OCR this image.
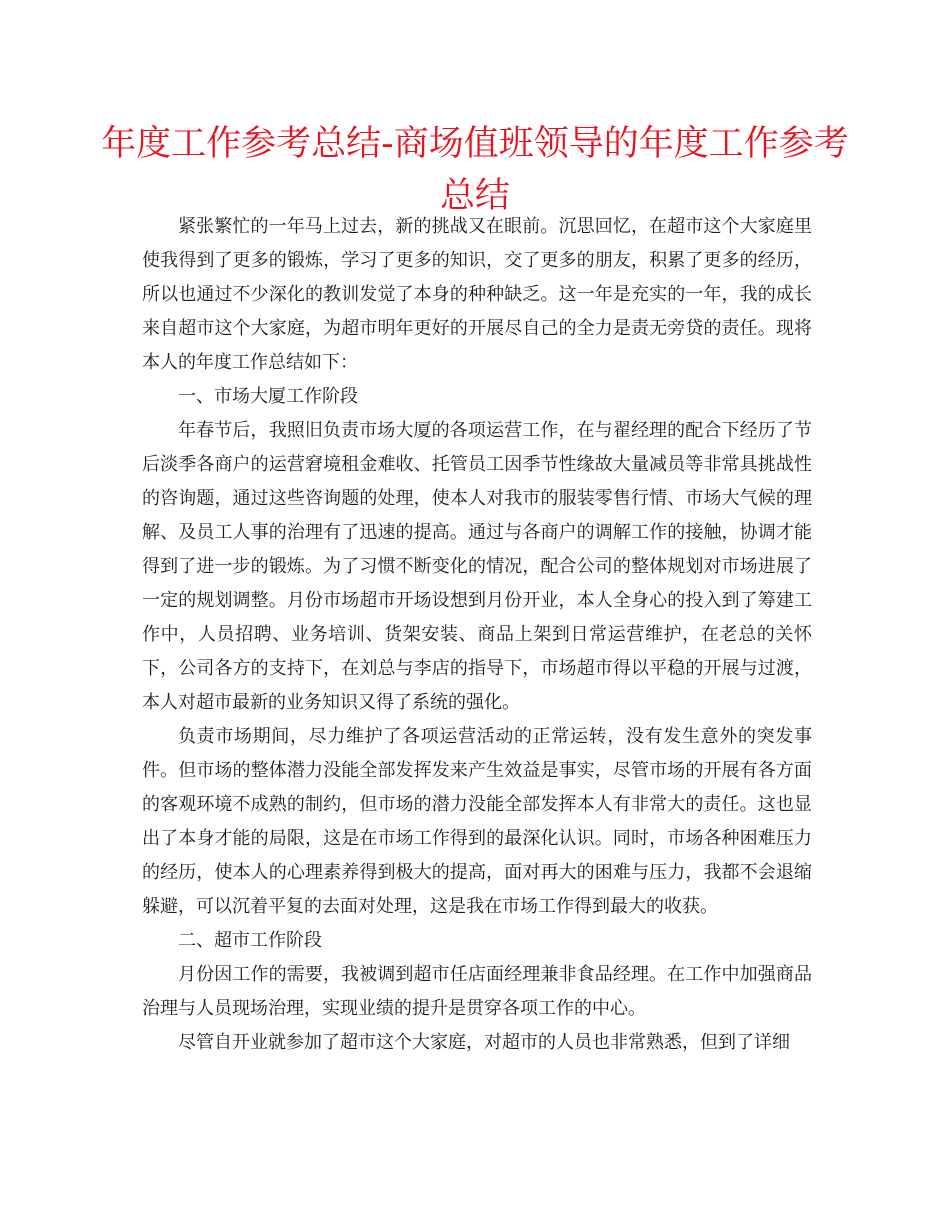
年度工作参考总结-商场值班领导的年度工作参考
总结

紧张繁忙的一年马上过去，新的挑战又在眼前。沉思回忆，在超市这个大家庭里使我得到了更多的锻炼，学习了更多的知识，交了更多的朋友，积累了更多的经历，所以也通过不少深化的教训发觉了本身的种种缺乏。这一年是充实的一年，我的成长来自超市这个大家庭，为超市明年更好的开展尽自己的全力是责无旁贷的责任。现将本人的年度工作总结如下：

一、市场大厦工作阶段

年春节后，我照旧负责市场大厦的各项运营工作，在与翟经理的配合下经历了节后淡季各商户的运营窘境租金难收、托管员工因季节性缘故大量减员等非常具挑战性的咨询题，通过这些咨询题的处理，使本人对我市的服装零售行情、市场大气候的理解、及员工人事的治理有了迅速的提高。通过与各商户的调解工作的接触，协调才能得到了进一步的锻炼。为了习惯不断变化的情况，配合公司的整体规划对市场进展了一定的规划调整。月份市场超市开场设想到月份开业，本人全身心的投入到了筹建工作中，人员招聘、业务培训、货架安装、商品上架到日常运营维护，在老总的关怀下，公司各方的支持下，在刘总与李店的指导下，市场超市得以平稳的开展与过渡，本人对超市最新的业务知识又得了系统的强化。

负责市场期间，尽力维护了各项运营活动的正常运转，没有发生意外的突发事件。但市场的整体潜力没能全部发挥发来产生效益是事实，尽管市场的开展有各方面的客观环境不成熟的制约，但市场的潜力没能全部发挥本人有非常大的责任。这也显出了本身才能的局限，这是在市场工作得到的最深化认识。同时，市场各种困难压力的经历，使本人的心理素养得到极大的提高，面对再大的困难与压力，我都不会退缩躲避，可以沉着平复的去面对处理，这是我在市场工作得到最大的收获。

二、超市工作阶段

月份因工作的需要，我被调到超市任店面经理兼非食品经理。在工作中加强商品治理与人员现场治理，实现业绩的提升是贯穿各项工作的中心。

尽管自开业就参加了超市这个大家庭，对超市的人员也非常熟悉，但到了详细
